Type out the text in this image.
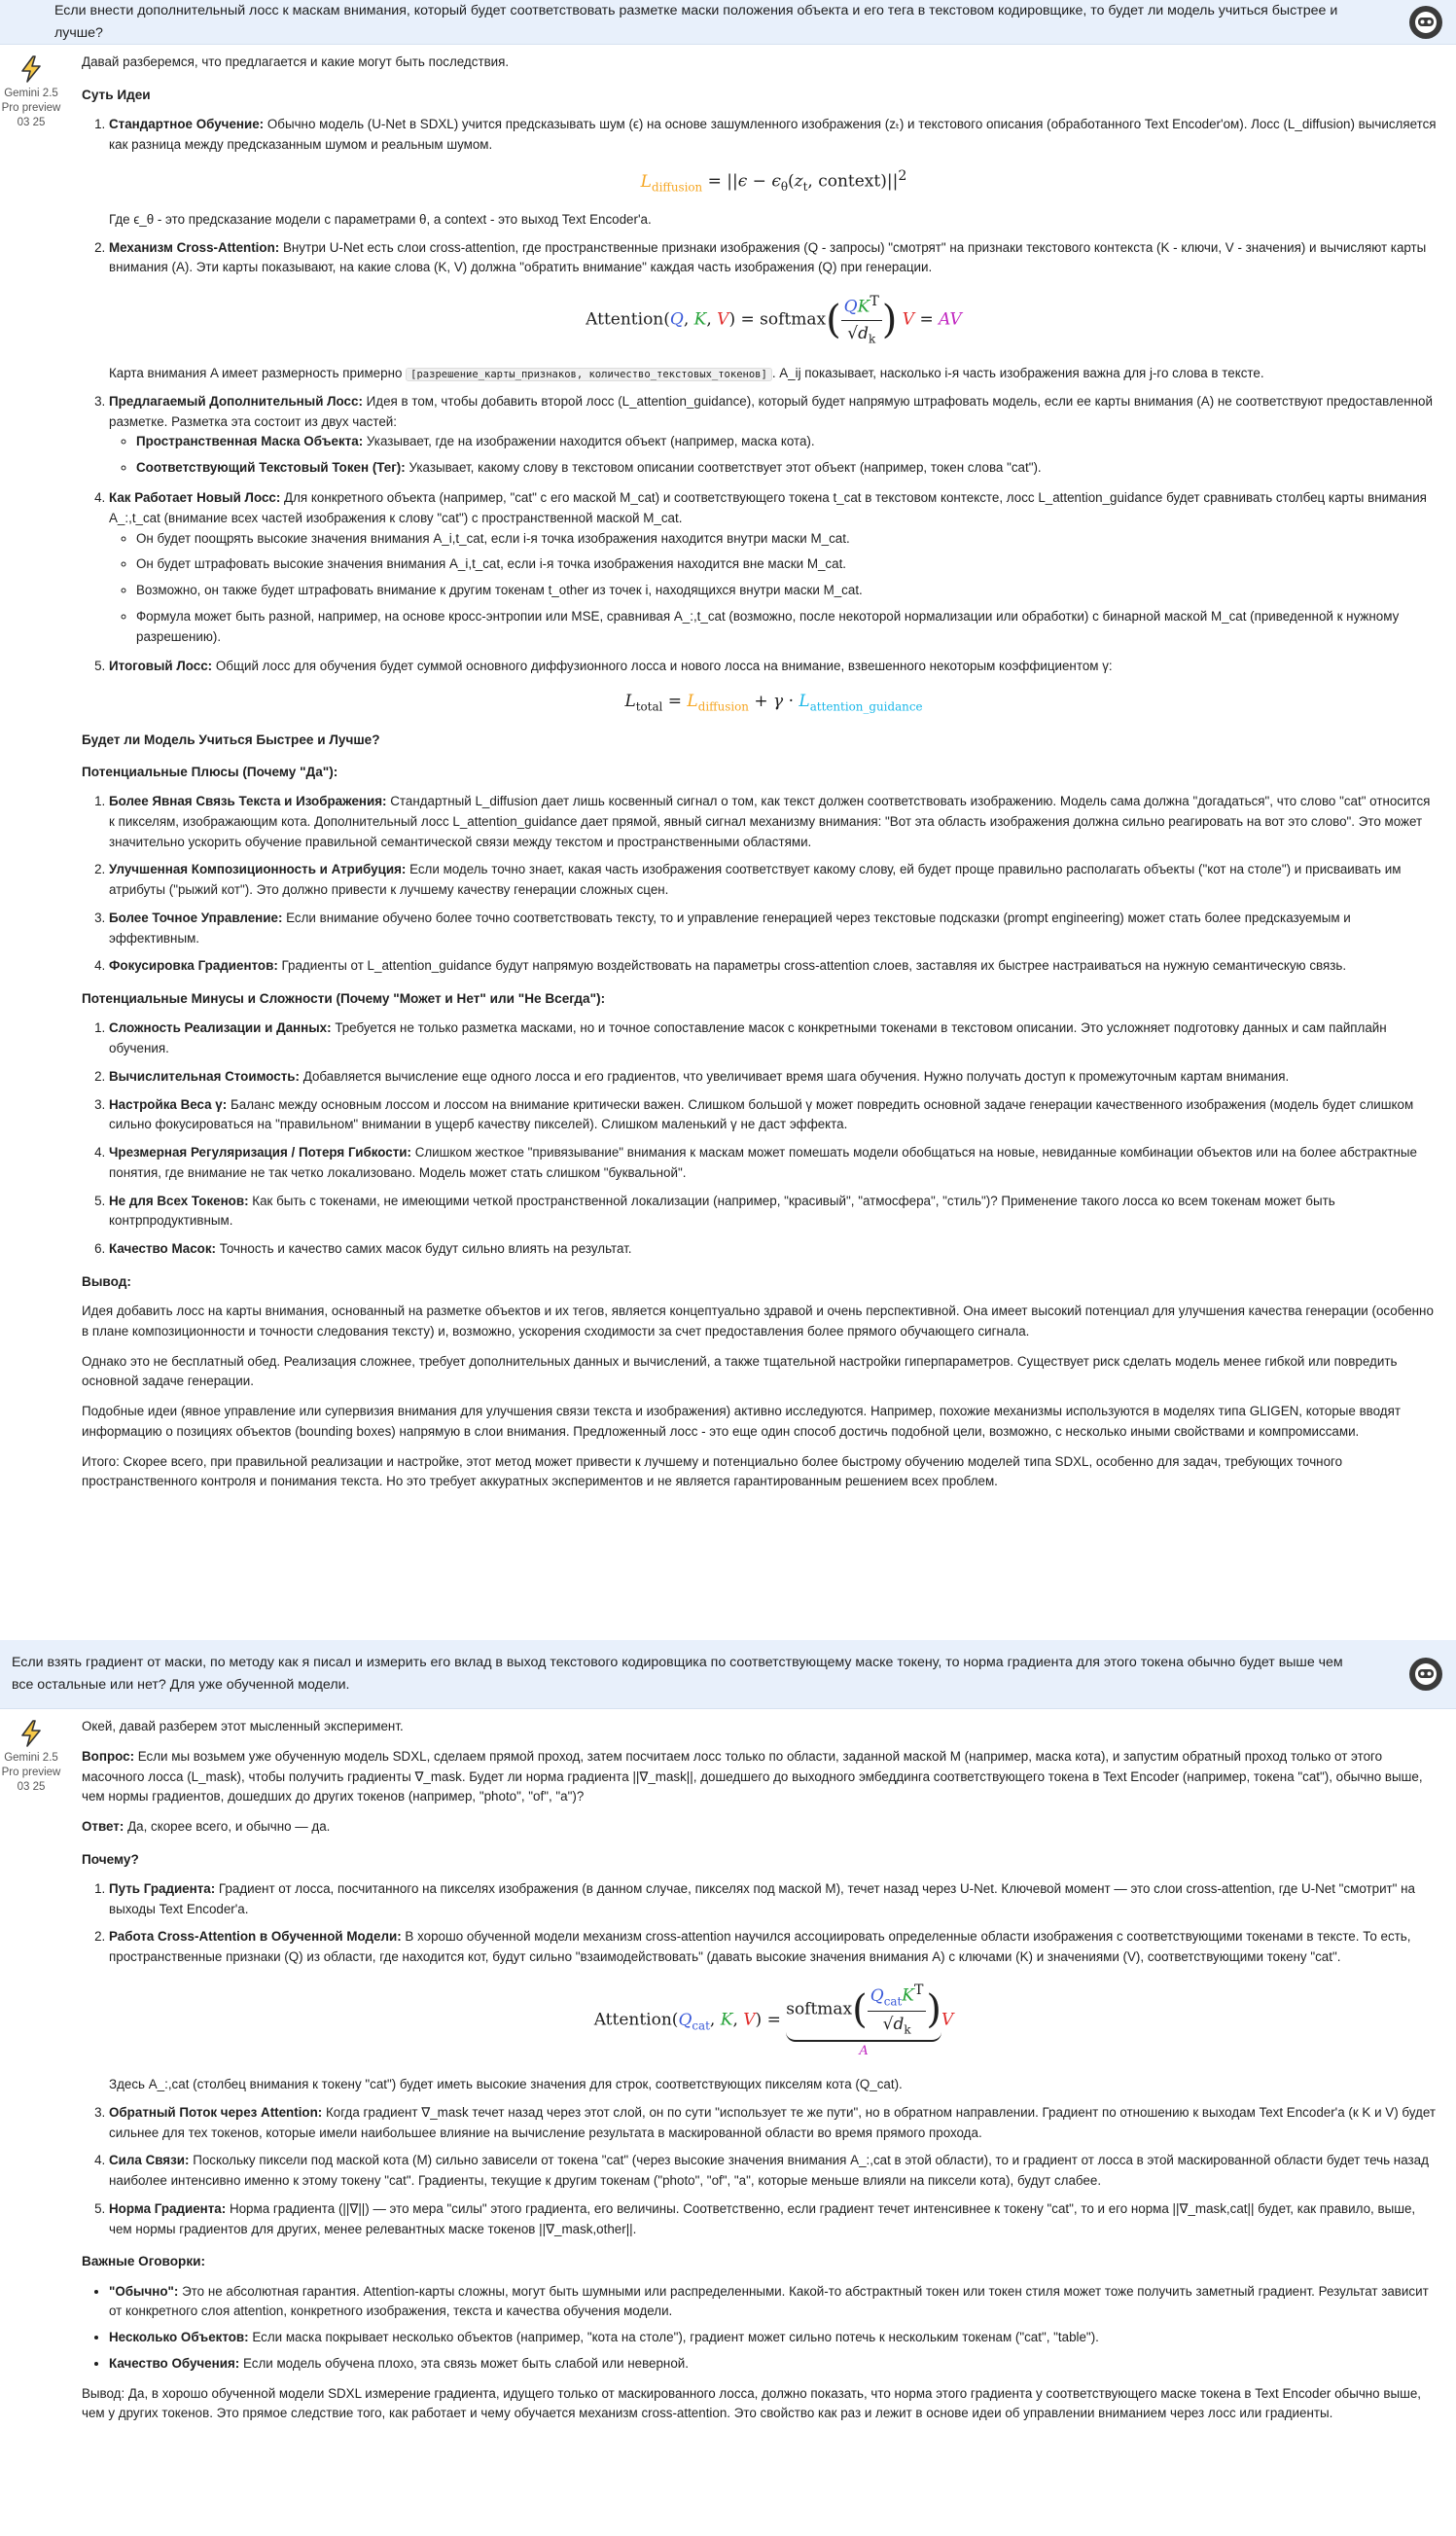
Если внести дополнительный лосс к маскам внимания, который будет соответствовать разметке маски положения объекта и его тега в текстовом кодировщике, то будет ли модель учиться быстрее и лучше?
Gemini 2.5
Pro preview
03 25

Давай разберемся, что предлагается и какие могут быть последствия.

Суть Идеи
1. Стандартное Обучение: Обычно модель (U-Net в SDXL) учится предсказывать шум (ϵ) на основе зашумленного изображения (zₜ) и текстового описания (обработанного Text Encoder'ом). Лосс (L_diffusion) вычисляется как разница между предсказанным шумом и реальным шумом.
$L_{diffusion} = ||\epsilon - \epsilon_\theta(z_t$, $context)||^2$
Где ϵ_θ - это предсказание модели с параметрами θ, а context - это выход Text Encoder'а.
2. Механизм Cross-Attention: Внутри U-Net есть слои cross-attention, где пространственные признаки изображения (Q - запросы) "смотрят" на признаки текстового контекста (K - ключи, V - значения) и вычисляют карты внимания (A). Эти карты показывают, на какие слова (K, V) должна "обратить внимание" каждая часть изображения (Q) при генерации.
Attention(Q, K, V) = softmax( $\frac{QK^T}{√d_k}$ ) V = AV
Карта внимания A имеет размерность примерно [разрешение_карты_признаков, количество_текстовых_токенов] . A_ij показывает, насколько i-я часть изображения важна для j-го слова в тексте.
3. Предлагаемый Дополнительный Лосс: Идея в том, чтобы добавить второй лосс (L_attention_guidance), который будет напрямую штрафовать модель, если ее карты внимания (A) не соответствуют предоставленной разметке. Разметка эта состоит из двух частей:
◦ Пространственная Маска Объекта: Указывает, где на изображении находится объект (например, маска кота).
◦ Соответствующий Текстовый Токен (Тег): Указывает, какому слову в текстовом описании соответствует этот объект (например, токен слова "cat").
4. Как Работает Новый Лосс: Для конкретного объекта (например, "cat" с его маской M_cat) и соответствующего токена t_cat в текстовом контексте, лосс L_attention_guidance будет сравнивать столбец карты внимания A_:,t_cat (внимание всех частей изображения к слову "cat") с пространственной маской M_cat.
◦ Он будет поощрять высокие значения внимания A_i,t_cat, если i-я точка изображения находится внутри маски M_cat.
◦ Он будет штрафовать высокие значения внимания A_i,t_cat, если i-я точка изображения находится вне маски M_cat.
◦ Возможно, он также будет штрафовать внимание к другим токенам t_other из точек i, находящихся внутри маски M_cat.
◦ Формула может быть разной, например, на основе кросс-энтропии или MSE, сравнивая A_:,t_cat (возможно, после некоторой нормализации или обработки) с бинарной маской M_cat (приведенной к нужному разрешению).
5. Итоговый Лосс: Общий лосс для обучения будет суммой основного диффузионного лосса и нового лосса на внимание, взвешенного некоторым коэффициентом γ:
$L_{total} = L_{diffusion} + \gamma \cdot L_{attention\_guidance}$
Будет ли Модель Учиться Быстрее и Лучше?
Потенциальные Плюсы (Почему "Да"):
1. Более Явная Связь Текста и Изображения: Стандартный L_diffusion дает лишь косвенный сигнал о том, как текст должен соответствовать изображению. Модель сама должна "догадаться", что слово "cat" относится к пикселям, изображающим кота. Дополнительный лосс L_attention_guidance дает прямой, явный сигнал механизму внимания: "Вот эта область изображения должна сильно реагировать на вот это слово". Это может значительно ускорить обучение правильной семантической связи между текстом и пространственными областями.
2. Улучшенная Композиционность и Атрибуция: Если модель точно знает, какая часть изображения соответствует какому слову, ей будет проще правильно располагать объекты ("кот на столе") и присваивать им атрибуты ("рыжий кот"). Это должно привести к лучшему качеству генерации сложных сцен.
3. Более Точное Управление: Если внимание обучено более точно соответствовать тексту, то и управление генерацией через текстовые подсказки (prompt engineering) может стать более предсказуемым и эффективным.
4. Фокусировка Градиентов: Градиенты от L_attention_guidance будут напрямую воздействовать на параметры cross-attention слоев, заставляя их быстрее настраиваться на нужную семантическую связь.
Потенциальные Минусы и Сложности (Почему "Может и Нет" или "Не Всегда"):
1. Сложность Реализации и Данных: Требуется не только разметка масками, но и точное сопоставление масок с конкретными токенами в текстовом описании. Это усложняет подготовку данных и сам пайплайн обучения.
2. Вычислительная Стоимость: Добавляется вычисление еще одного лосса и его градиентов, что увеличивает время шага обучения. Нужно получать доступ к промежуточным картам внимания.
3. Настройка Веса γ: Баланс между основным лоссом и лоссом на внимание критически важен. Слишком большой γ может повредить основной задаче генерации качественного изображения (модель будет слишком сильно фокусироваться на "правильном" внимании в ущерб качеству пикселей). Слишком маленький γ не даст эффекта.
4. Чрезмерная Регуляризация / Потеря Гибкости: Слишком жесткое "привязывание" внимания к маскам может помешать модели обобщаться на новые, невиданные комбинации объектов или на более абстрактные понятия, где внимание не так четко локализовано. Модель может стать слишком "буквальной".
5. Не для Всех Токенов: Как быть с токенами, не имеющими четкой пространственной локализации (например, "красивый", "атмосфера", "стиль")? Применение такого лосса ко всем токенам может быть контрпродуктивным.
6. Качество Масок: Точность и качество самих масок будут сильно влиять на результат.
Вывод:

Идея добавить лосс на карты внимания, основанный на разметке объектов и их тегов, является концептуально здравой и очень перспективной. Она имеет высокий потенциал для улучшения качества генерации (особенно в плане композиционности и точности следования тексту) и, возможно, ускорения сходимости за счет предоставления более прямого обучающего сигнала.

Однако это не бесплатный обед. Реализация сложнее, требует дополнительных данных и вычислений, а также тщательной настройки гиперпараметров. Существует риск сделать модель менее гибкой или повредить основной задаче генерации.

Подобные идеи (явное управление или супервизия внимания для улучшения связи текста и изображения) активно исследуются. Например, похожие механизмы используются в моделях типа GLIGEN, которые вводят информацию о позициях объектов (bounding boxes) напрямую в слои внимания. Предложенный лосс - это еще один способ достичь подобной цели, возможно, с несколько иными свойствами и компромиссами.

Итого: Скорее всего, при правильной реализации и настройке, этот метод может привести к лучшему и потенциально более быстрому обучению моделей типа SDXL, особенно для задач, требующих точного пространственного контроля и понимания текста. Но это требует аккуратных экспериментов и не является гарантированным решением всех проблем.

Если взять градиент от маски, по методу как я писал и измерить его вклад в выход текстового кодировщика по соответствующему маске токену, то норма градиента для этого токена обычно будет выше чем все остальные или нет? Для уже обученной модели.
Gemini 2.5
Pro preview
03 25

Окей, давай разберем этот мысленный эксперимент.

Вопрос: Если мы возьмем уже обученную модель SDXL, сделаем прямой проход, затем посчитаем лосс только по области, заданной маской M (например, маска кота), и запустим обратный проход только от этого масочного лосса (L_mask), чтобы получить градиенты ∇_mask. Будет ли норма градиента ||∇_mask||, дошедшего до выходного эмбеддинга соответствующего токена в Text Encoder (например, токена "cat"), обычно выше, чем нормы градиентов, дошедших до других токенов (например, "photo", "of", "a")?

Ответ: Да, скорее всего, и обычно — да.

Почему?
1. Путь Градиента: Градиент от лосса, посчитанного на пикселях изображения (в данном случае, пикселях под маской M), течет назад через U-Net. Ключевой момент — это слои cross-attention, где U-Net "смотрит" на выходы Text Encoder'а.
2. Работа Cross-Attention в Обученной Модели: В хорошо обученной модели механизм cross-attention научился ассоциировать определенные области изображения с соответствующими токенами в тексте. То есть, пространственные признаки (Q) из области, где находится кот, будут сильно "взаимодействовать" (давать высокие значения внимания A) с ключами (K) и значениями (V), соответствующими токену "cat".
$Attention(Q_{cat}$, K, V) =
softmax( $\frac{Q_{cat}K^T}{√d_k}$ )
A
V
Здесь A_:,cat (столбец внимания к токену "cat") будет иметь высокие значения для строк, соответствующих пикселям кота (Q_cat).
3. Обратный Поток через Attention: Когда градиент ∇_mask течет назад через этот слой, он по сути "использует те же пути", но в обратном направлении. Градиент по отношению к выходам Text Encoder'а (к K и V) будет сильнее для тех токенов, которые имели наибольшее влияние на вычисление результата в маскированной области во время прямого прохода.
4. Сила Связи: Поскольку пиксели под маской кота (M) сильно зависели от токена "cat" (через высокие значения внимания A_:,cat в этой области), то и градиент от лосса в этой маскированной области будет течь назад наиболее интенсивно именно к этому токену "cat". Градиенты, текущие к другим токенам ("photo", "of", "a", которые меньше влияли на пиксели кота), будут слабее.
5. Норма Градиента: Норма градиента (||∇||) — это мера "силы" этого градиента, его величины. Соответственно, если градиент течет интенсивнее к токену "cat", то и его норма ||∇_mask,cat|| будет, как правило, выше, чем нормы градиентов для других, менее релевантных маске токенов ||∇_mask,other||.
Важные Оговорки:
• "Обычно": Это не абсолютная гарантия. Attention-карты сложны, могут быть шумными или распределенными. Какой-то абстрактный токен или токен стиля может тоже получить заметный градиент. Результат зависит от конкретного слоя attention, конкретного изображения, текста и качества обучения модели.
• Несколько Объектов: Если маска покрывает несколько объектов (например, "кота на столе"), градиент может сильно потечь к нескольким токенам ("cat", "table").
• Качество Обучения: Если модель обучена плохо, эта связь может быть слабой или неверной.

Вывод: Да, в хорошо обученной модели SDXL измерение градиента, идущего только от маскированного лосса, должно показать, что норма этого градиента у соответствующего маске токена в Text Encoder обычно выше, чем у других токенов. Это прямое следствие того, как работает и чему обучается механизм cross-attention. Это свойство как раз и лежит в основе идеи об управлении вниманием через лосс или градиенты.
